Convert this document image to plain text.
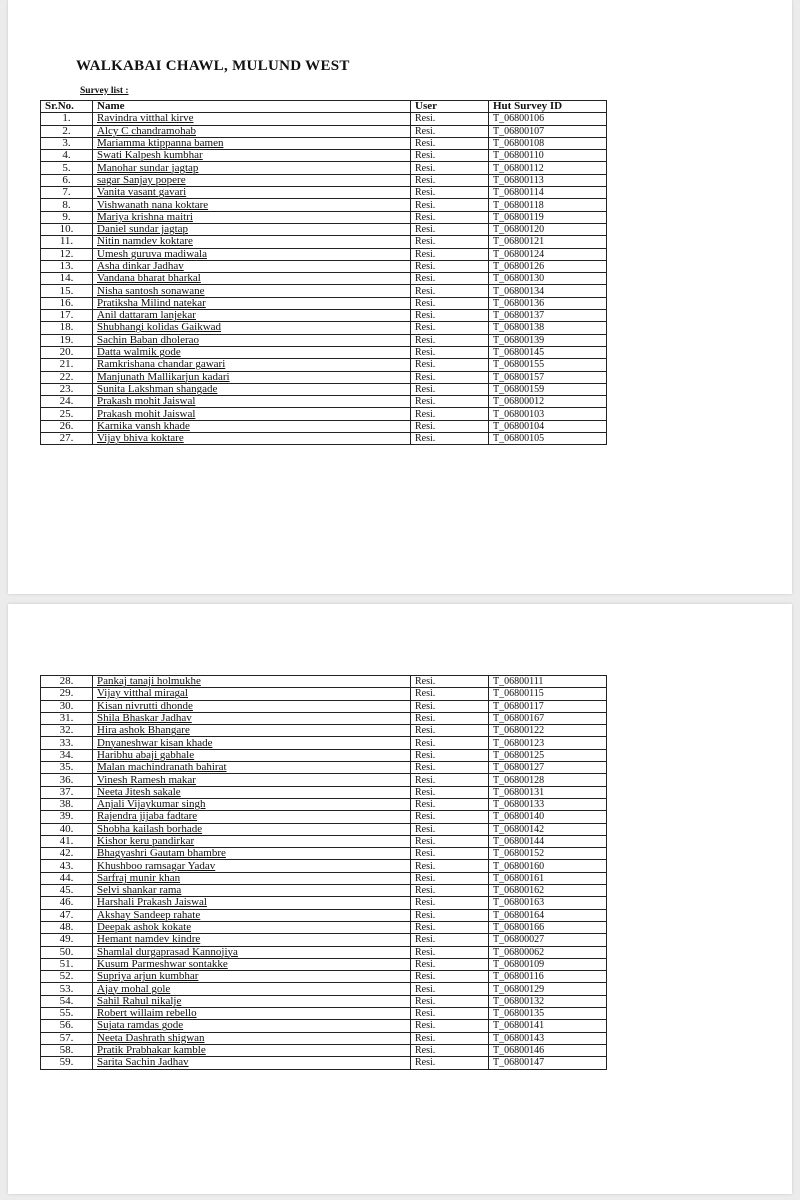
WALKABAI CHAWL, MULUND WEST
Survey list :
Sr.No.	Name	User	Hut Survey ID
1.	Ravindra vitthal kirve	Resi.	T_06800106
2.	Alcy C chandramohab	Resi.	T_06800107
3.	Mariamma ktippanna bamen	Resi.	T_06800108
4.	Swati Kalpesh kumbhar	Resi.	T_06800110
5.	Manohar sundar jagtap	Resi.	T_06800112
6.	sagar Sanjay popere	Resi.	T_06800113
7.	Vanita vasant gavari	Resi.	T_06800114
8.	Vishwanath nana koktare	Resi.	T_06800118
9.	Mariya krishna maitri	Resi.	T_06800119
10.	Daniel sundar jagtap	Resi.	T_06800120
11.	Nitin namdev koktare	Resi.	T_06800121
12.	Umesh guruva madiwala	Resi.	T_06800124
13.	Asha dinkar Jadhav	Resi.	T_06800126
14.	Vandana bharat bharkal	Resi.	T_06800130
15.	Nisha santosh sonawane	Resi.	T_06800134
16.	Pratiksha Milind natekar	Resi.	T_06800136
17.	Anil dattaram lanjekar	Resi.	T_06800137
18.	Shubhangi kolidas Gaikwad	Resi.	T_06800138
19.	Sachin Baban dholerao	Resi.	T_06800139
20.	Datta walmik gode	Resi.	T_06800145
21.	Ramkrishana chandar gawari	Resi.	T_06800155
22.	Manjunath Mallikarjun kadari	Resi.	T_06800157
23.	Sunita Lakshman shangade	Resi.	T_06800159
24.	Prakash mohit Jaiswal	Resi.	T_06800012
25.	Prakash mohit Jaiswal	Resi.	T_06800103
26.	Karnika vansh khade	Resi.	T_06800104
27.	Vijay bhiva koktare	Resi.	T_06800105
28.	Pankaj tanaji holmukhe	Resi.	T_06800111
29.	Vijay vitthal miragal	Resi.	T_06800115
30.	Kisan nivrutti dhonde	Resi.	T_06800117
31.	Shila Bhaskar Jadhav	Resi.	T_06800167
32.	Hira ashok Bhangare	Resi.	T_06800122
33.	Dnyaneshwar kisan khade	Resi.	T_06800123
34.	Haribhu abaji gabhale	Resi.	T_06800125
35.	Malan machindranath bahirat	Resi.	T_06800127
36.	Vinesh Ramesh makar	Resi.	T_06800128
37.	Neeta Jitesh sakale	Resi.	T_06800131
38.	Anjali Vijaykumar singh	Resi.	T_06800133
39.	Rajendra jijaba fadtare	Resi.	T_06800140
40.	Shobha kailash borhade	Resi.	T_06800142
41.	Kishor keru pandirkar	Resi.	T_06800144
42.	Bhagyashri Gautam bhambre	Resi.	T_06800152
43.	Khushboo ramsagar Yadav	Resi.	T_06800160
44.	Sarfraj munir khan	Resi.	T_06800161
45.	Selvi shankar rama	Resi.	T_06800162
46.	Harshali Prakash Jaiswal	Resi.	T_06800163
47.	Akshay Sandeep rahate	Resi.	T_06800164
48.	Deepak ashok kokate	Resi.	T_06800166
49.	Hemant namdev kindre	Resi.	T_06800027
50.	Shamlal durgaprasad Kannojiya	Resi.	T_06800062
51.	Kusum Parmeshwar sontakke	Resi.	T_06800109
52.	Supriya arjun kumbhar	Resi.	T_06800116
53.	Ajay mohal gole	Resi.	T_06800129
54.	Sahil Rahul nikalje	Resi.	T_06800132
55.	Robert willaim rebello	Resi.	T_06800135
56.	Sujata ramdas gode	Resi.	T_06800141
57.	Neeta Dashrath shigwan	Resi.	T_06800143
58.	Pratik Prabhakar kamble	Resi.	T_06800146
59.	Sarita Sachin Jadhav	Resi.	T_06800147
